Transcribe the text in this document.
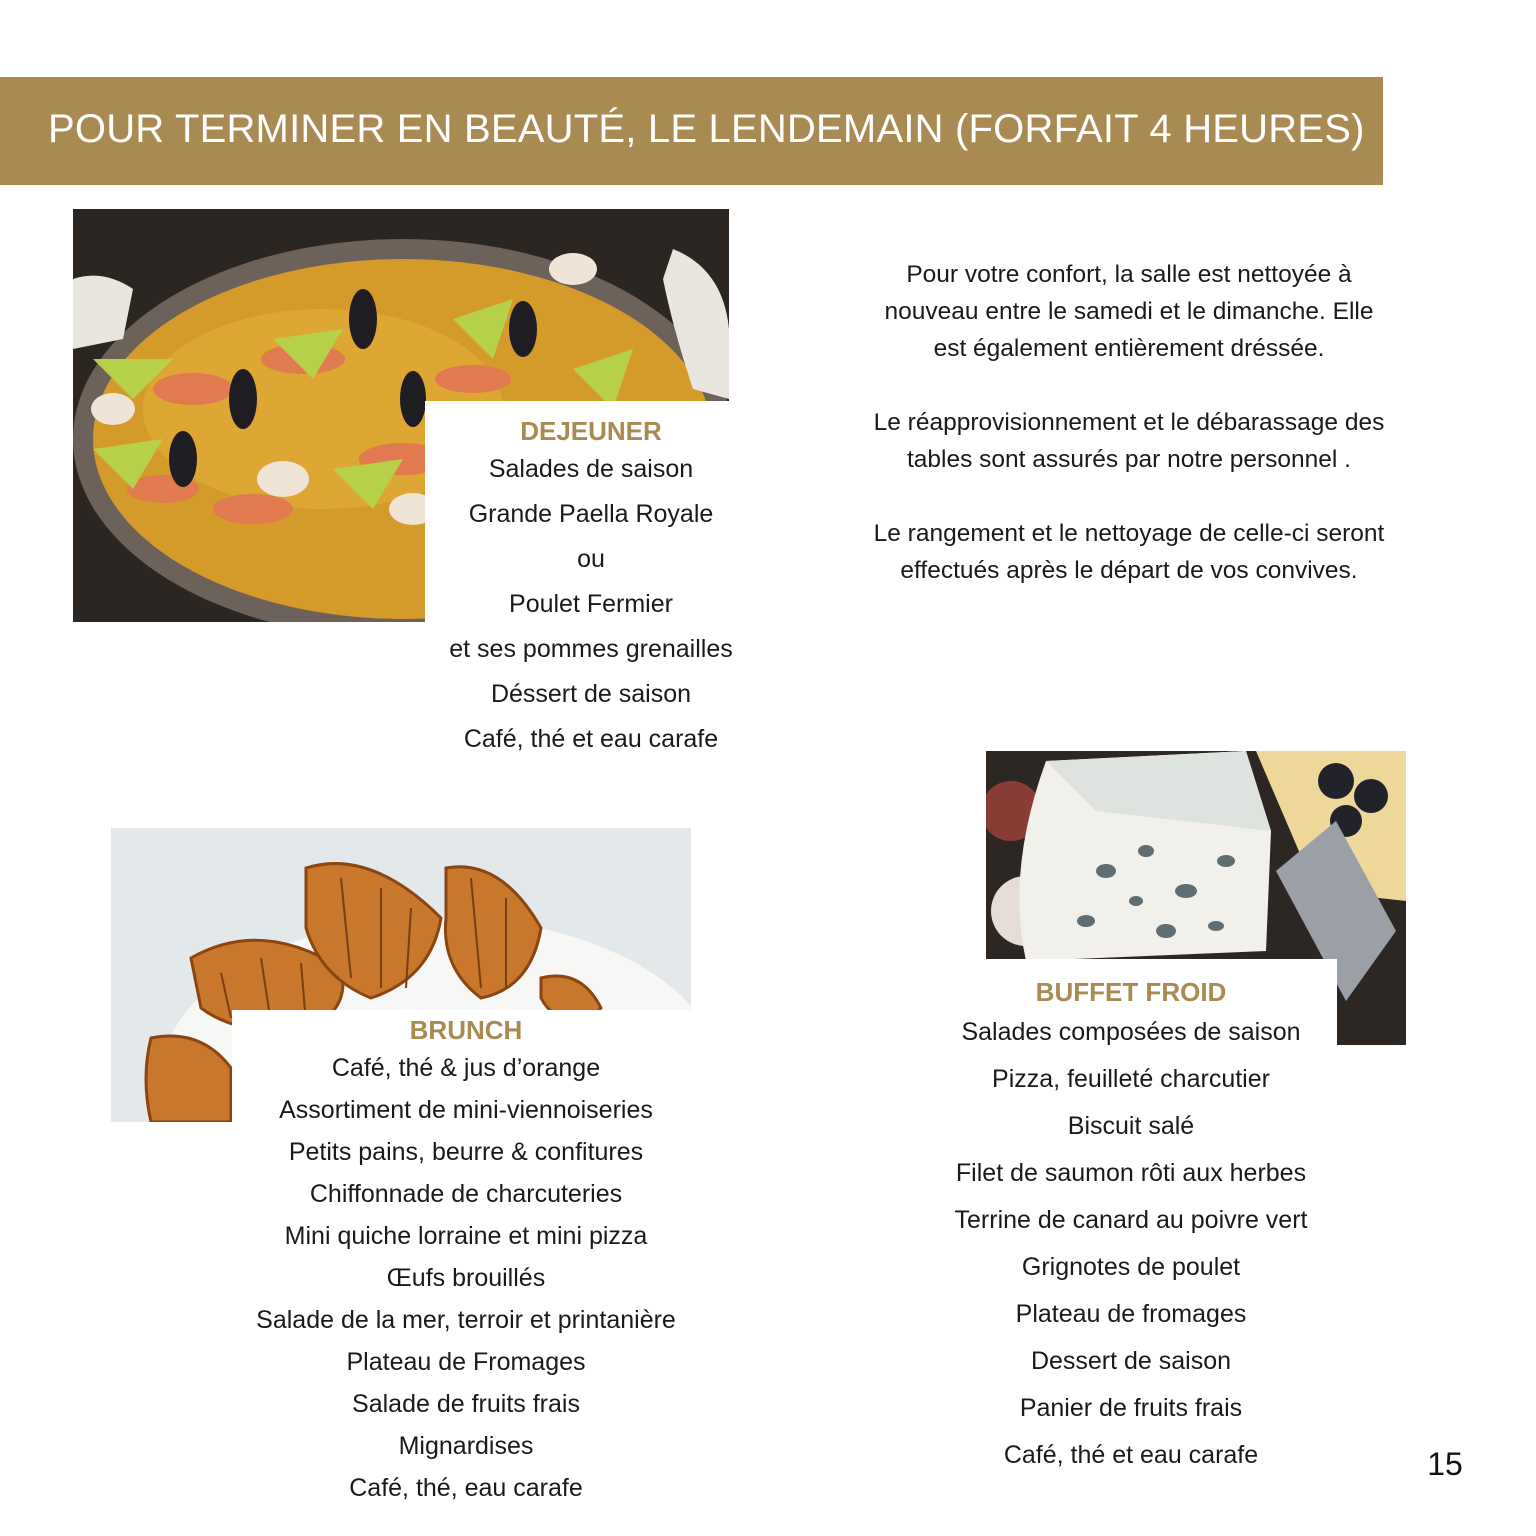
POUR TERMINER EN BEAUTÉ, LE LENDEMAIN (FORFAIT 4 HEURES)
DEJEUNER
Salades de saison
Grande Paella Royale
ou
Poulet Fermier
et ses pommes grenailles
Déssert de saison
Café, thé et eau carafe

Pour votre confort, la salle est nettoyée à nouveau entre le samedi et le dimanche. Elle est également entièrement dréssée.

Le réapprovisionnement et le débarassage des tables sont assurés par notre personnel .

Le rangement et le nettoyage de celle-ci seront effectués après le départ de vos convives.

BRUNCH
Café, thé & jus d’orange
Assortiment de mini-viennoiseries
Petits pains, beurre & confitures
Chiffonnade de charcuteries
Mini quiche lorraine et mini pizza
Œufs brouillés
Salade de la mer, terroir et printanière
Plateau de Fromages
Salade de fruits frais
Mignardises
Café, thé, eau carafe
BUFFET FROID
Salades composées de saison
Pizza, feuilleté charcutier
Biscuit salé
Filet de saumon rôti aux herbes
Terrine de canard au poivre vert
Grignotes de poulet
Plateau de fromages
Dessert de saison
Panier de fruits frais
Café, thé et eau carafe	15
